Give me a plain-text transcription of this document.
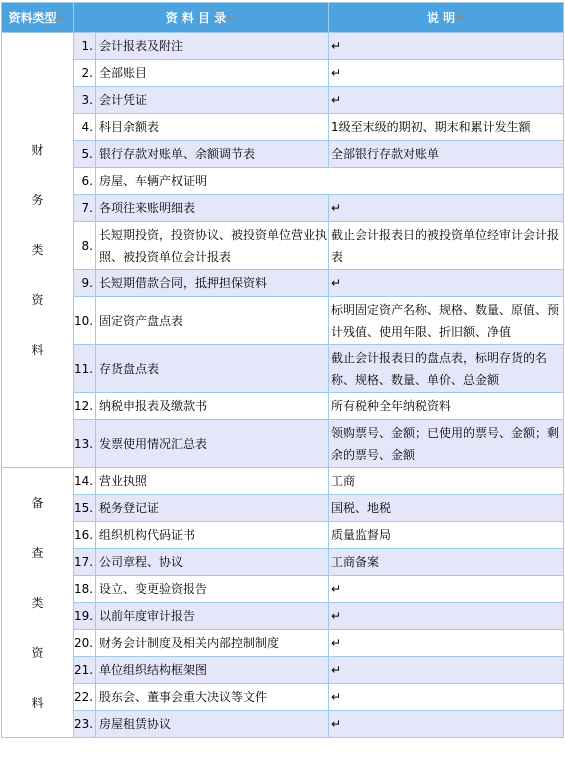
资料类型↵	资 料 目 录↵		说 明↵

财
务
类
资
料	1.	会计报表及附注	↵
	2.	全部账目	↵
	3.	会计凭证	↵
	4.	科目余额表	1级至末级的期初、期末和累计发生额
	5.	银行存款对账单、余额调节表	全部银行存款对账单
	6.	房屋、车辆产权证明	
	7.	各项往来账明细表	↵
	8.	长短期投资，投资协议、被投资单位营业执照、被投资单位会计报表	截止会计报表日的被投资单位经审计会计报表
	9.	长短期借款合同，抵押担保资料	↵
	10.	固定资产盘点表	标明固定资产名称、规格、数量、原值、预计残值、使用年限、折旧额、净值
	11.	存货盘点表	截止会计报表日的盘点表，标明存货的名称、规格、数量、单价、总金额
	12.	纳税申报表及缴款书	所有税种全年纳税资料
	13.	发票使用情况汇总表	领购票号、金额；已使用的票号、金额；剩余的票号、金额

备
查
类
资
料	14.	营业执照	工商
	15.	税务登记证	国税、地税
	16.	组织机构代码证书	质量监督局
	17.	公司章程、协议	工商备案
	18.	设立、变更验资报告	↵
	19.	以前年度审计报告	↵
	20.	财务会计制度及相关内部控制制度	↵
	21.	单位组织结构框架图	↵
	22.	股东会、董事会重大决议等文件	↵
	23.	房屋租赁协议	↵
